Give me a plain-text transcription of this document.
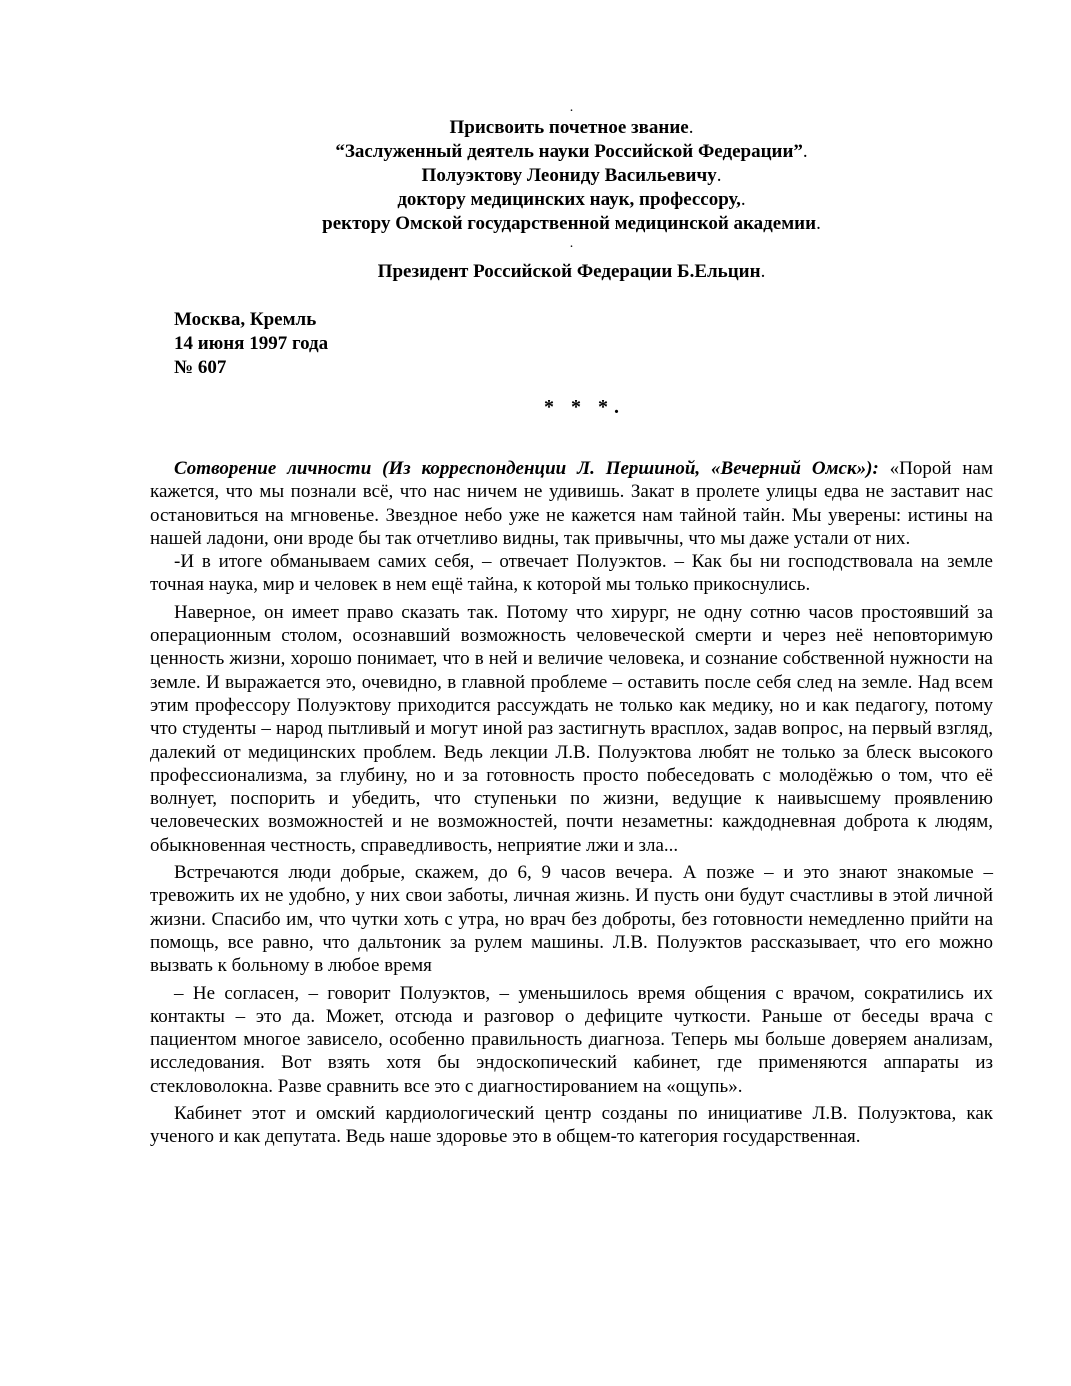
.
Присвоить почетное звание.
“Заслуженный деятель науки Российской Федерации”.
Полуэктову Леониду Васильевичу.
доктору медицинских наук, профессору,.
ректору Омской государственной медицинской академии.
.
Президент Российской Федерации Б.Ельцин.
Москва, Кремль
14 июня 1997 года
№ 607
* * *.

Сотворение личности (Из корреспонденции Л. Першиной, «Вечерний Омск»): «Порой нам кажется, что мы познали всё, что нас ничем не удивишь. Закат в пролете улицы едва не заставит нас остановиться на мгновенье. Звездное небо уже не кажется нам тайной тайн. Мы уверены: истины на нашей ладони, они вроде бы так отчетливо видны, так привычны, что мы даже устали от них.

-И в итоге обманываем самих себя, – отвечает Полуэктов. – Как бы ни господствовала на земле точная наука, мир и человек в нем ещё тайна, к которой мы только прикоснулись.

Наверное, он имеет право сказать так. Потому что хирург, не одну сотню часов простоявший за операционным столом, осознавший возможность человеческой смерти и через неё неповторимую ценность жизни, хорошо понимает, что в ней и величие человека, и сознание собственной нужности на земле. И выражается это, очевидно, в главной проблеме – оставить после себя след на земле. Над всем этим профессору Полуэктову приходится рассуждать не только как медику, но и как педагогу, потому что студенты – народ пытливый и могут иной раз застигнуть врасплох, задав вопрос, на первый взгляд, далекий от медицинских проблем. Ведь лекции Л.В. Полуэктова любят не только за блеск высокого профессионализма, за глубину, но и за готовность просто побеседовать с молодёжью о том, что её волнует, поспорить и убедить, что ступеньки по жизни, ведущие к наивысшему проявлению человеческих возможностей и не возможностей, почти незаметны: каждодневная доброта к людям, обыкновенная честность, справедливость, неприятие лжи и зла...

Встречаются люди добрые, скажем, до 6, 9 часов вечера. А позже – и это знают знакомые – тревожить их не удобно, у них свои заботы, личная жизнь. И пусть они будут счастливы в этой личной жизни. Спасибо им, что чутки хоть с утра, но врач без доброты, без готовности немедленно прийти на помощь, все равно, что дальтоник за рулем машины. Л.В. Полуэктов рассказывает, что его можно вызвать к больному в любое время

– Не согласен, – говорит Полуэктов, – уменьшилось время общения с врачом, сократились их контакты – это да. Может, отсюда и разговор о дефиците чуткости. Раньше от беседы врача с пациентом многое зависело, особенно правильность диагноза. Теперь мы больше доверяем анализам, исследования. Вот взять хотя бы эндоскопический кабинет, где применяются аппараты из стекловолокна. Разве сравнить все это с диагностированием на «ощупь».

Кабинет этот и омский кардиологический центр созданы по инициативе Л.В. Полуэктова, как ученого и как депутата. Ведь наше здоровье это в общем-то категория государственная.
